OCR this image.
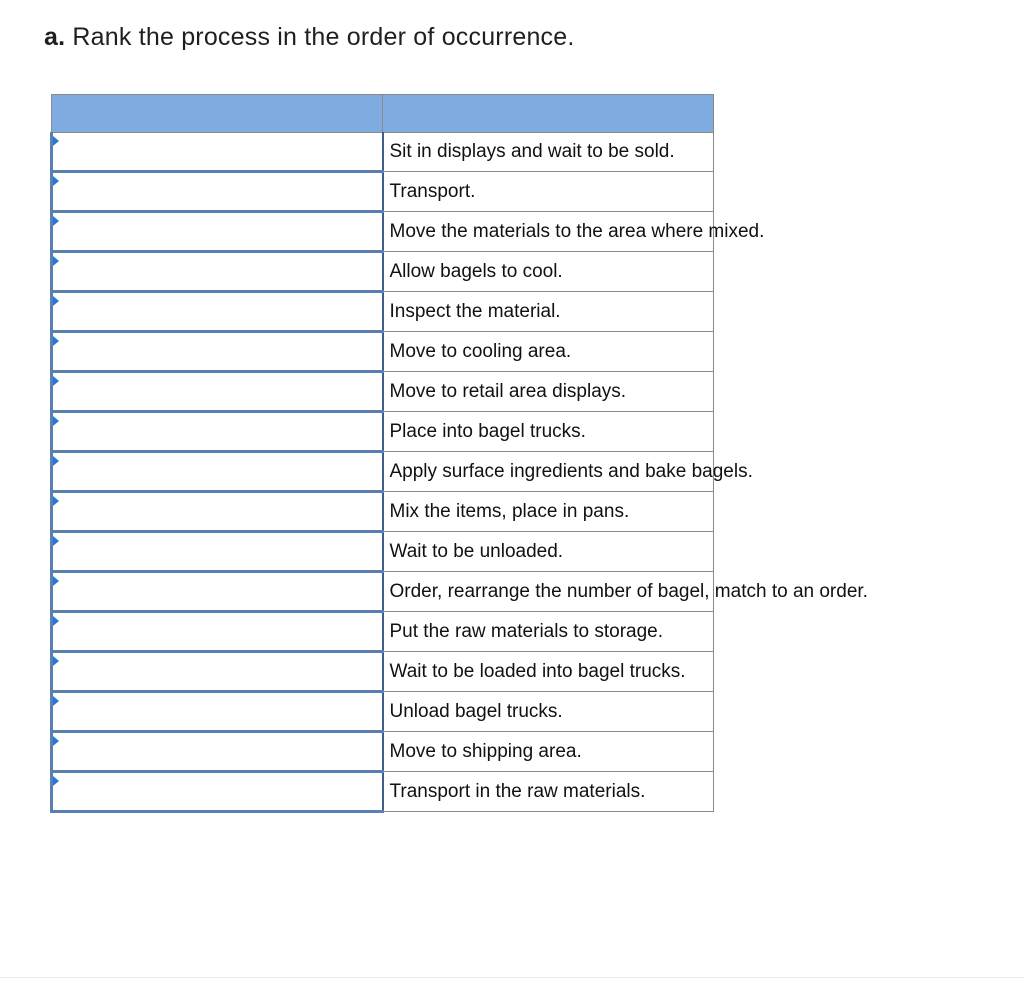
a. Rank the process in the order of occurrence.

	Sit in displays and wait to be sold.

	Transport.

	Move the materials to the area where mixed.

	Allow bagels to cool.

	Inspect the material.

	Move to cooling area.

	Move to retail area displays.

	Place into bagel trucks.

	Apply surface ingredients and bake bagels.

	Mix the items, place in pans.

	Wait to be unloaded.

	Order, rearrange the number of bagel, match to an order.

	Put the raw materials to storage.

	Wait to be loaded into bagel trucks.

	Unload bagel trucks.

	Move to shipping area.

	Transport in the raw materials.
